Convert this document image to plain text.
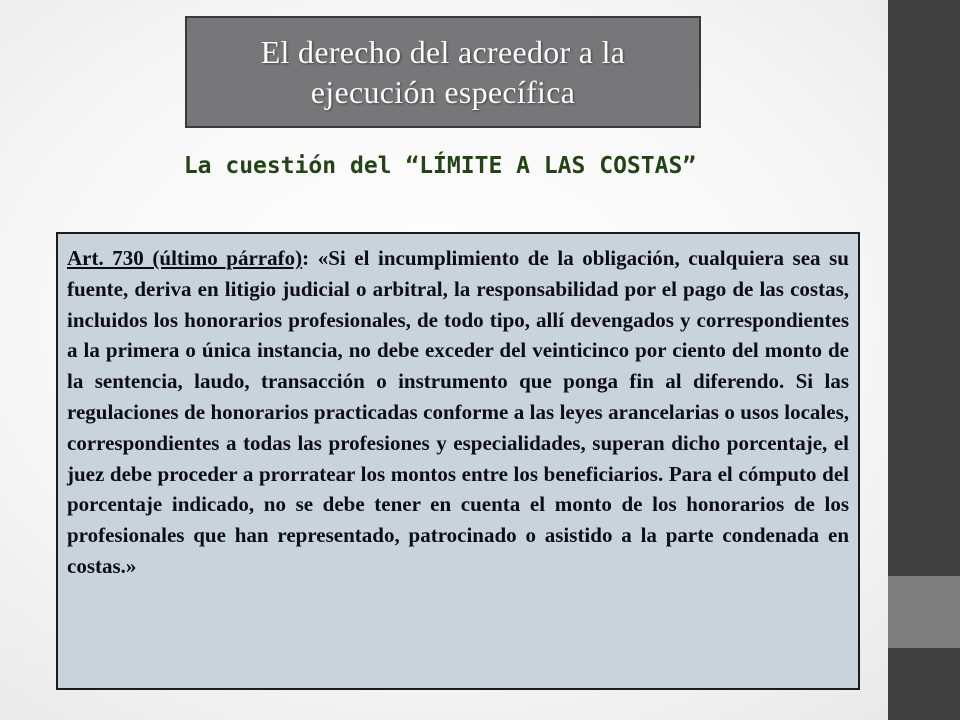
El derecho del acreedor a la ejecución específica
La cuestión del “LÍMITE A LAS COSTAS”
Art. 730 (último párrafo): «Si el incumplimiento de la obligación, cualquiera sea su fuente, deriva en litigio judicial o arbitral, la responsabilidad por el pago de las costas, incluidos los honorarios profesionales, de todo tipo, allí devengados y correspondientes a la primera o única instancia, no debe exceder del veinticinco por ciento del monto de la sentencia, laudo, transacción o instrumento que ponga fin al diferendo. Si las regulaciones de honorarios practicadas conforme a las leyes arancelarias o usos locales, correspondientes a todas las profesiones y especialidades, superan dicho porcentaje, el juez debe proceder a prorratear los montos entre los beneficiarios. Para el cómputo del porcentaje indicado, no se debe tener en cuenta el monto de los honorarios de los profesionales que han representado, patrocinado o asistido a la parte condenada en costas.»
